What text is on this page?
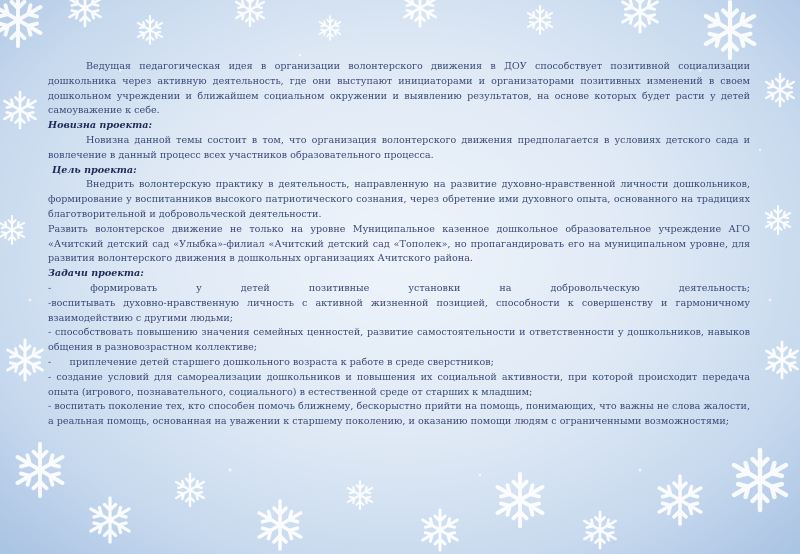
Ведущая педагогическая идея в организации волонтерского движения в ДОУ способствует позитивной социализации дошкольника через активную деятельность, где они выступают инициаторами и организаторами позитивных изменений в своем дошкольном учреждении и ближайшем социальном окружении и выявлению результатов, на основе которых будет расти у детей самоуважение к себе.

Новизна проекта:

Новизна данной темы состоит в том, что организация волонтерского движения предполагается в условиях детского сада и вовлечение в данный процесс всех участников образовательного процесса.

Цель проекта:

Внедрить волонтерскую практику в деятельность, направленную на развитие духовно-нравственной личности дошкольников, формирование у воспитанников высокого патриотического сознания, через обретение ими духовного опыта, основанного на традициях благотворительной и добровольческой деятельности.

Развить волонтерское движение не только на уровне Муниципальное казенное дошкольное образовательное учреждение АГО «Ачитский детский сад «Улыбка»-филиал «Ачитский детский сад «Тополек», но пропагандировать его на муниципальном уровне, для развития волонтерского движения в дошкольных организациях Ачитского района.

Задачи проекта:

-	формировать	у	детей	позитивные	установки	на	добровольческую	деятельность;

-воспитывать духовно-нравственную личность с активной жизненной позицией, способности к совершенству и гармоничному взаимодействию с другими людьми;

- способствовать повышению значения семейных ценностей, развитие самостоятельности и ответственности у дошкольников, навыков общения в разновозрастном коллективе;

-      приплечение детей старшего дошкольного возраста к работе в среде сверстников;

- создание условий для самореализации дошкольников и повышения их социальной активности, при которой происходит передача опыта (игрового, познавательного, социального) в естественной среде от старших к младшим;

- воспитать поколение тех, кто способен помочь ближнему, бескорыстно прийти на помощь, понимающих, что важны не слова жалости, а реальная помощь, основанная на уважении к старшему поколению, и оказанию помощи людям с ограниченными возможностями;
